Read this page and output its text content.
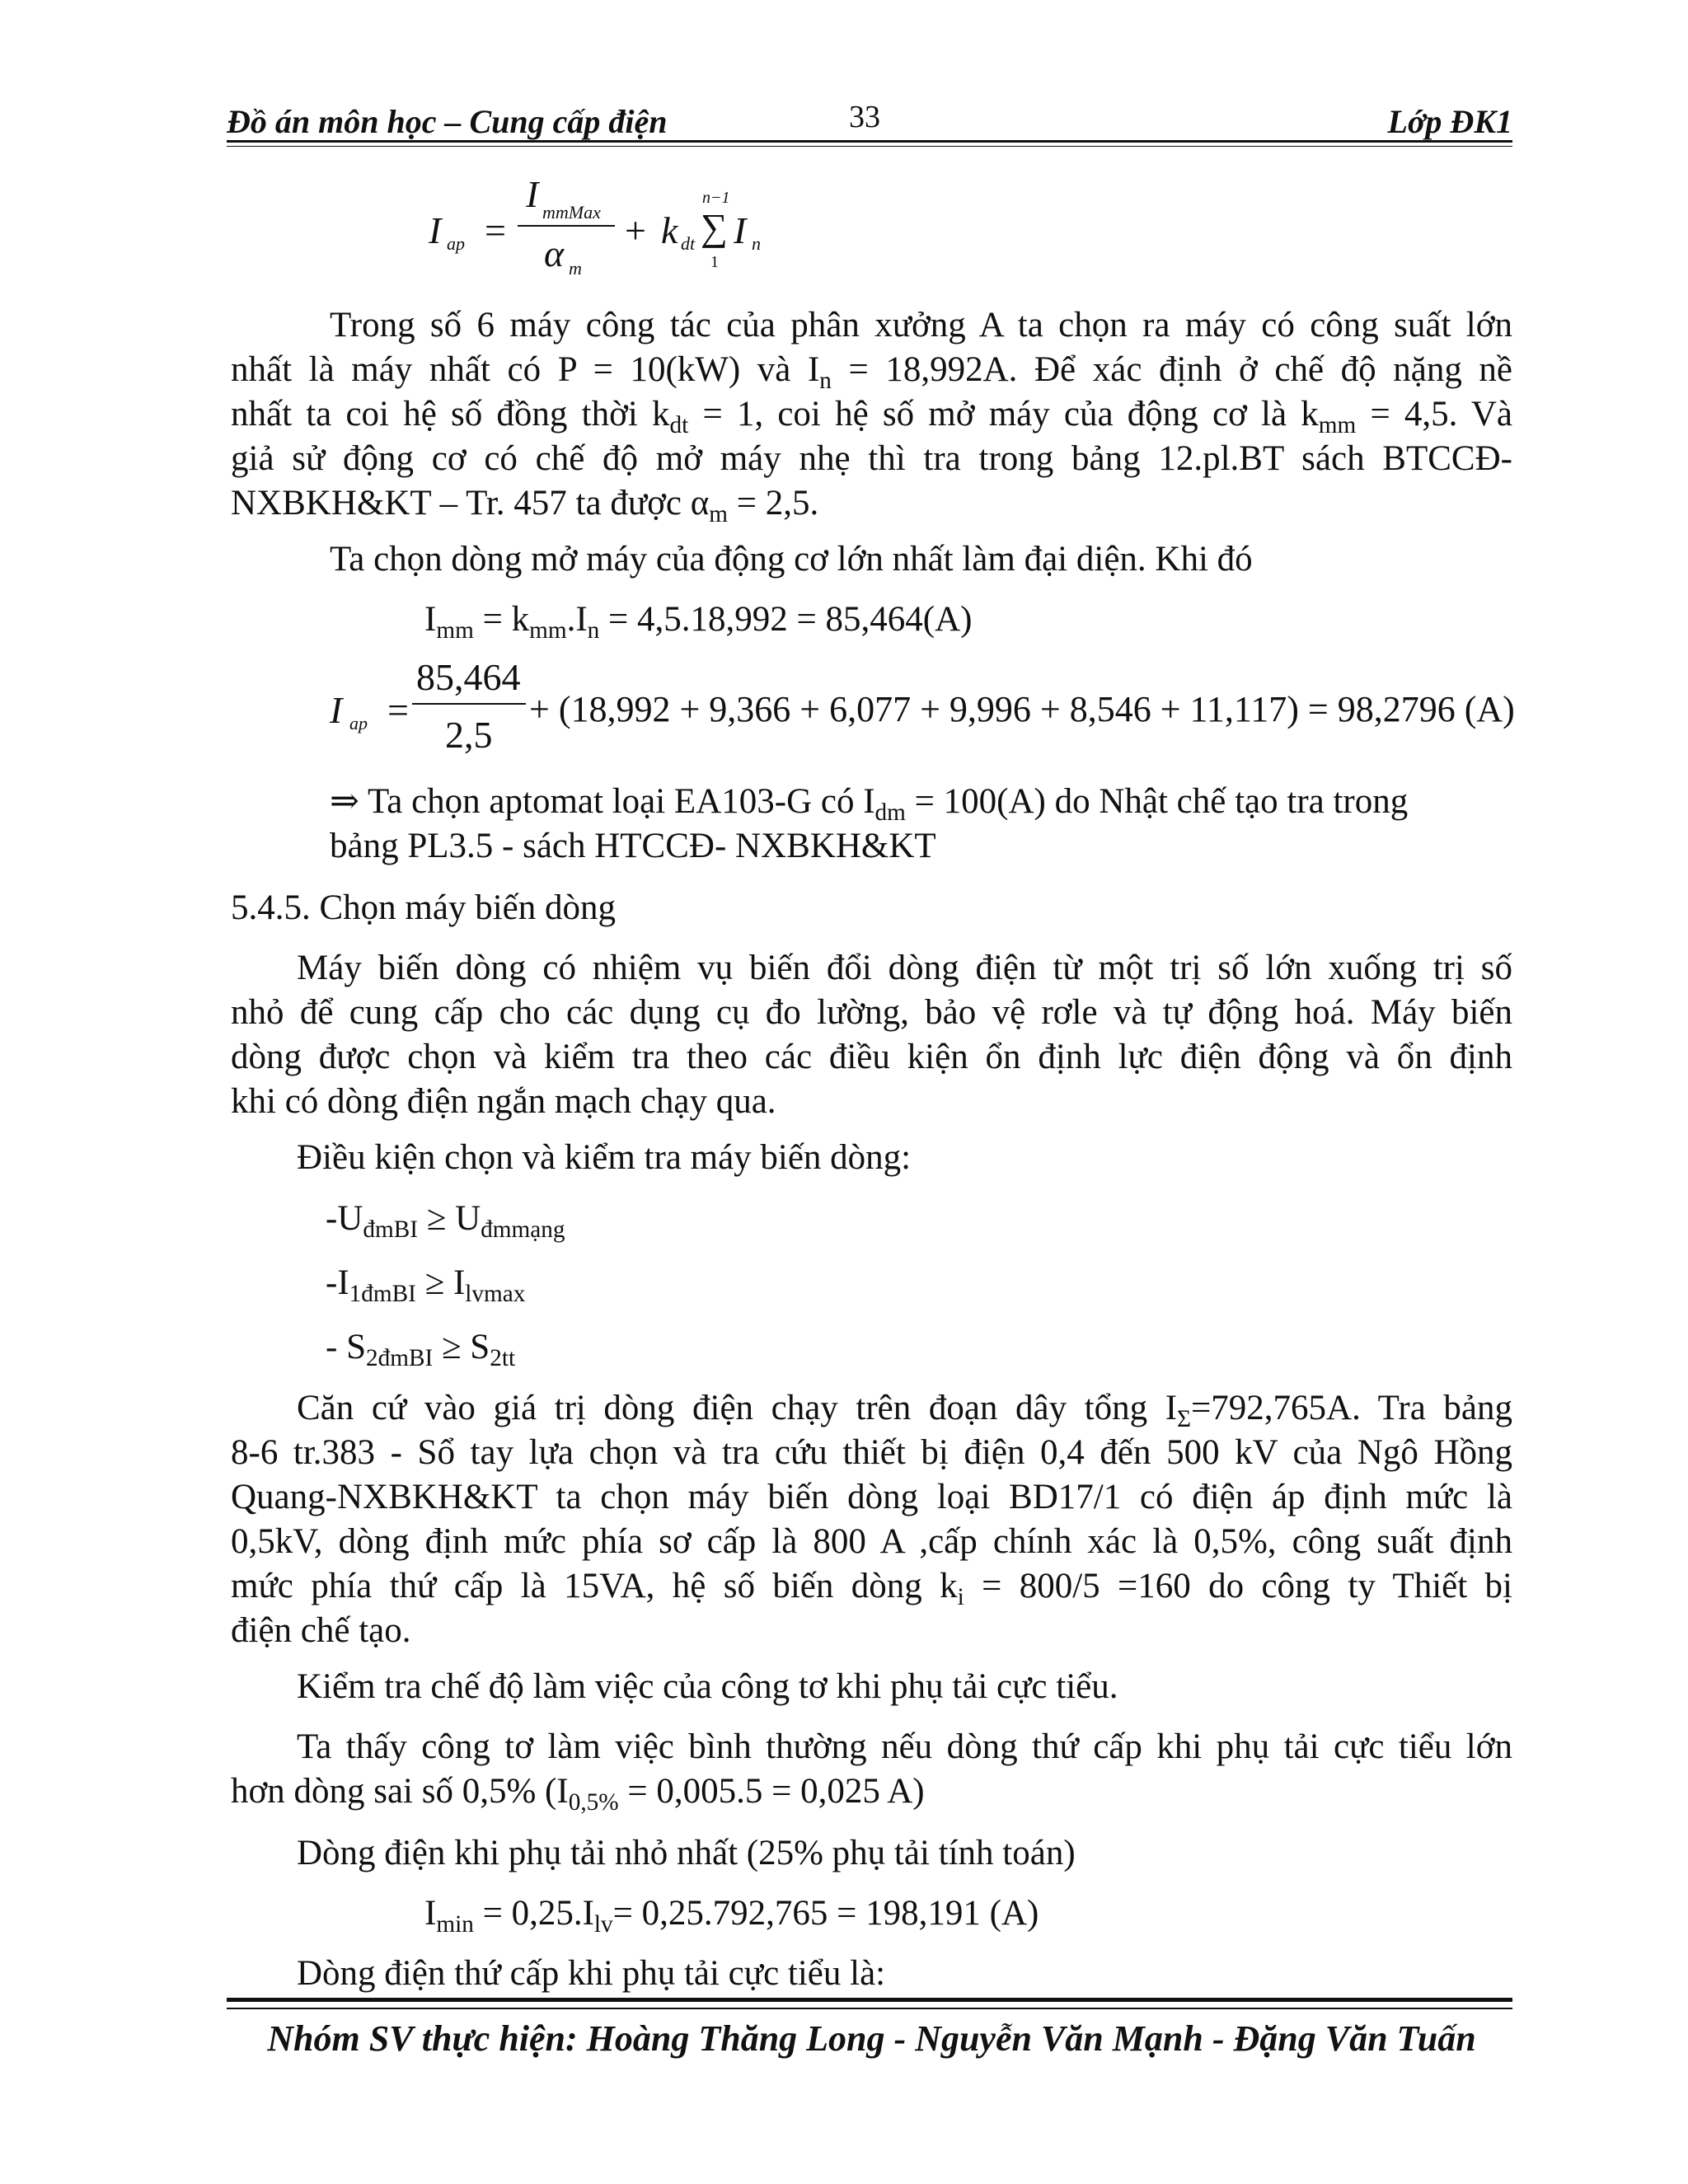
Đồ án môn học – Cung cấp điện	33	Lớp ĐK1
I ap =
I mmMax
α m
+ k dt
n−1
∑
1
I n
Trong số 6 máy công tác của phân xưởng A ta chọn ra máy có công suất lớn
nhất là máy nhất có P = 10(kW) và $I_n = 18,992A$. Để xác định ở chế độ nặng nề
nhất ta coi hệ số đồng thời $k_{dt} = 1$, coi hệ số mở máy của động cơ là $k_{mm} = 4,5$. Và
giả sử động cơ có chế độ mở máy nhẹ thì tra trong bảng 12.pl.BT sách BTCCĐ-
NXBKH&KT – Tr. 457 ta được $\alpha_m = 2,5$.
Ta chọn dòng mở máy của động cơ lớn nhất làm đại diện. Khi đó
$I_{mm} = k_{mm}.I_n = 4,5.18,992 = 85,464(A)$
I ap =
85,464
2,5
+ (18,992 + 9,366 + 6,077 + 9,996 + 8,546 + 11,117) = 98,2796 (A)
⇒ Ta chọn aptomat loại EA103-G có $I_{dm} = 100(A)$ do Nhật chế tạo tra trong
bảng PL3.5 - sách HTCCĐ- NXBKH&KT
5.4.5. Chọn máy biến dòng
Máy biến dòng có nhiệm vụ biến đổi dòng điện từ một trị số lớn xuống trị số
nhỏ để cung cấp cho các dụng cụ đo lường, bảo vệ rơle và tự động hoá. Máy biến
dòng được chọn và kiểm tra theo các điều kiện ổn định lực điện động và ổn định
khi có dòng điện ngắn mạch chạy qua.
Điều kiện chọn và kiểm tra máy biến dòng:
$-U_{đmBI} \ge U_{đmmạng}$
$-I_{1đmBI} \ge I_{lvmax}$
- $S_{2đmBI} \ge S_{2tt}$
Căn cứ vào giá trị dòng điện chạy trên đoạn dây tổng $I_\Sigma=792,765A$. Tra bảng
8-6 tr.383 - Sổ tay lựa chọn và tra cứu thiết bị điện 0,4 đến 500 kV của Ngô Hồng
Quang-NXBKH&KT ta chọn máy biến dòng loại BD17/1 có điện áp định mức là
0,5kV, dòng định mức phía sơ cấp là 800 A ,cấp chính xác là 0,5%, công suất định
mức phía thứ cấp là 15VA, hệ số biến dòng $k_i = 800/5 =160$ do công ty Thiết bị
điện chế tạo.
Kiểm tra chế độ làm việc của công tơ khi phụ tải cực tiểu.
Ta thấy công tơ làm việc bình thường nếu dòng thứ cấp khi phụ tải cực tiểu lớn
hơn dòng sai số 0,5% ($I_{0,5\%} = 0,005.5 = 0,025$ A)
Dòng điện khi phụ tải nhỏ nhất (25% phụ tải tính toán)
$I_{min} = 0,25.I_{lv}= 0,25.792,765 = 198,191$ (A)
Dòng điện thứ cấp khi phụ tải cực tiểu là:
Nhóm SV thực hiện: Hoàng Thăng Long - Nguyễn Văn Mạnh - Đặng Văn Tuấn
